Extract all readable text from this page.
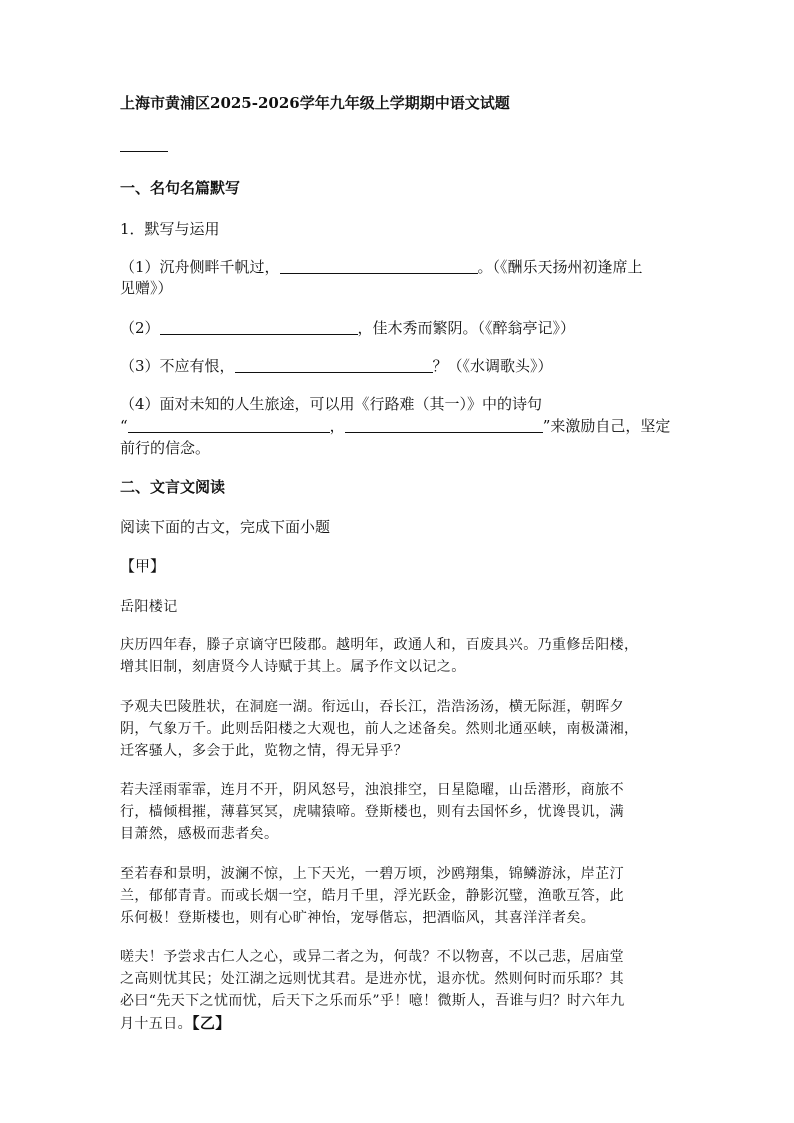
上海市黄浦区2025-2026学年九年级上学期期中语文试题
一、名句名篇默写
1．默写与运用
（1）沉舟侧畔千帆过，	。（《酬乐天扬州初逢席上
见赠》）
（2）	，佳木秀而繁阴。（《醉翁亭记》）
（3）不应有恨，	？（《水调歌头》）
（4）面对未知的人生旅途，可以用《行路难（其一）》中的诗句
“	，	”来激励自己，坚定
前行的信念。
二、文言文阅读
阅读下面的古文，完成下面小题
【甲】
岳阳楼记
庆历四年春，滕子京谪守巴陵郡。越明年，政通人和，百废具兴。乃重修岳阳楼，
增其旧制，刻唐贤今人诗赋于其上。属予作文以记之。
予观夫巴陵胜状，在洞庭一湖。衔远山，吞长江，浩浩汤汤，横无际涯，朝晖夕
阴，气象万千。此则岳阳楼之大观也，前人之述备矣。然则北通巫峡，南极潇湘，
迁客骚人，多会于此，览物之情，得无异乎？
若夫淫雨霏霏，连月不开，阴风怒号，浊浪排空，日星隐曜，山岳潜形，商旅不
行，樯倾楫摧，薄暮冥冥，虎啸猿啼。登斯楼也，则有去国怀乡，忧谗畏讥，满
目萧然，感极而悲者矣。
至若春和景明，波澜不惊，上下天光，一碧万顷，沙鸥翔集，锦鳞游泳，岸芷汀
兰，郁郁青青。而或长烟一空，皓月千里，浮光跃金，静影沉璧，渔歌互答，此
乐何极！登斯楼也，则有心旷神怡，宠辱偕忘，把酒临风，其喜洋洋者矣。
嗟夫！予尝求古仁人之心，或异二者之为，何哉？不以物喜，不以己悲，居庙堂
之高则忧其民；处江湖之远则忧其君。是进亦忧，退亦忧。然则何时而乐耶？其
必曰“先天下之忧而忧，后天下之乐而乐”乎！噫！微斯人，吾谁与归？时六年九
月十五日。【乙】
